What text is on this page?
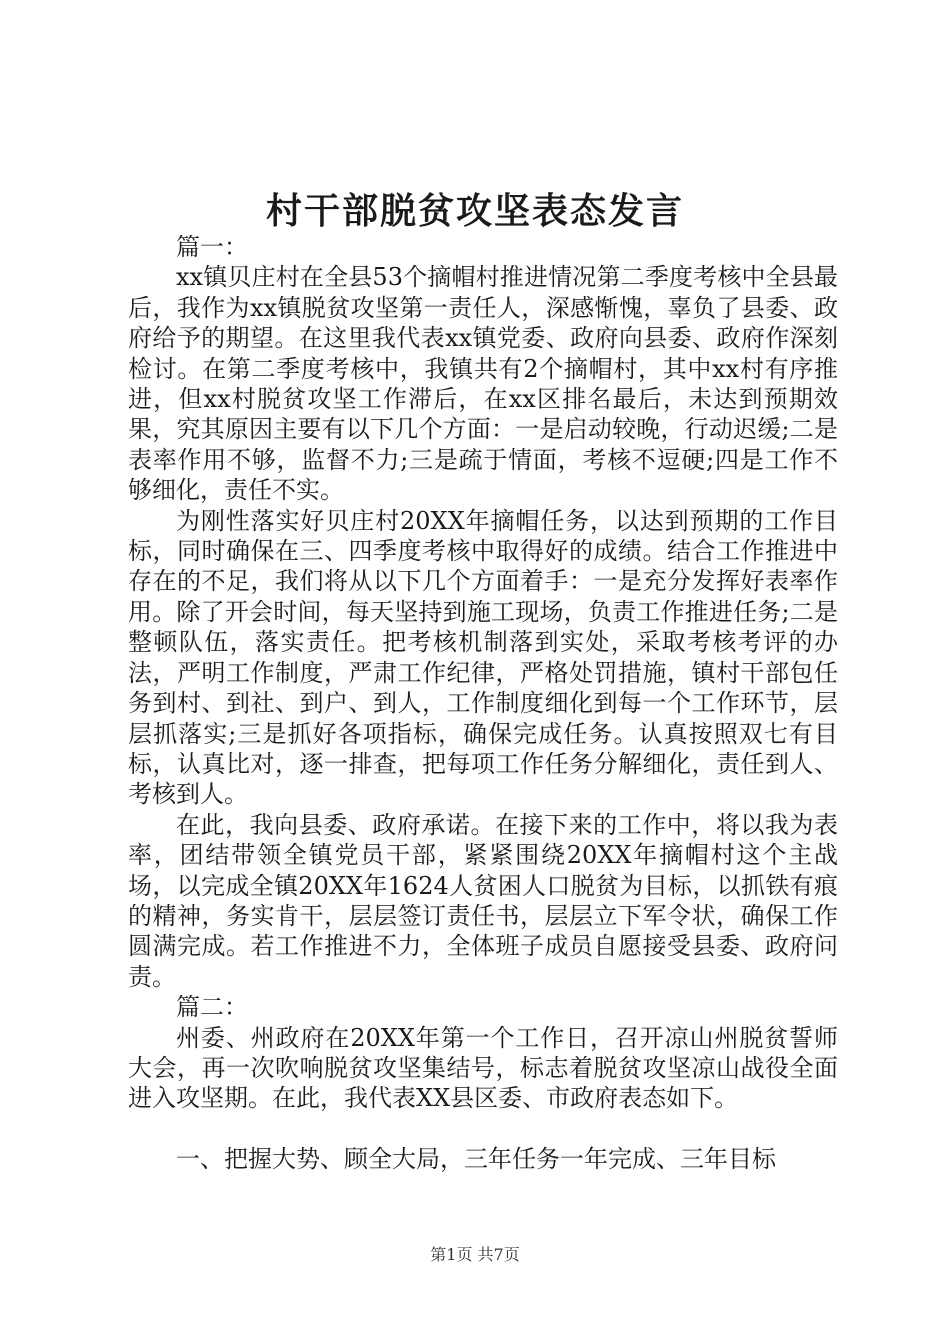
村干部脱贫攻坚表态发言

篇一：

xx镇贝庄村在全县53个摘帽村推进情况第二季度考核中全县最后，我作为xx镇脱贫攻坚第一责任人，深感惭愧，辜负了县委、政府给予的期望。在这里我代表xx镇党委、政府向县委、政府作深刻检讨。在第二季度考核中，我镇共有2个摘帽村，其中xx村有序推进，但xx村脱贫攻坚工作滞后，在xx区排名最后，未达到预期效果，究其原因主要有以下几个方面：一是启动较晚，行动迟缓;二是表率作用不够，监督不力;三是疏于情面，考核不逗硬;四是工作不够细化，责任不实。

为刚性落实好贝庄村20XX年摘帽任务，以达到预期的工作目标，同时确保在三、四季度考核中取得好的成绩。结合工作推进中存在的不足，我们将从以下几个方面着手：一是充分发挥好表率作用。除了开会时间，每天坚持到施工现场，负责工作推进任务;二是整顿队伍，落实责任。把考核机制落到实处，采取考核考评的办法，严明工作制度，严肃工作纪律，严格处罚措施，镇村干部包任务到村、到社、到户、到人，工作制度细化到每一个工作环节，层层抓落实;三是抓好各项指标，确保完成任务。认真按照双七有目标，认真比对，逐一排查，把每项工作任务分解细化，责任到人、考核到人。

在此，我向县委、政府承诺。在接下来的工作中，将以我为表率，团结带领全镇党员干部，紧紧围绕20XX年摘帽村这个主战场，以完成全镇20XX年1624人贫困人口脱贫为目标，以抓铁有痕的精神，务实肯干，层层签订责任书，层层立下军令状，确保工作圆满完成。若工作推进不力，全体班子成员自愿接受县委、政府问责。

篇二：

州委、州政府在20XX年第一个工作日，召开凉山州脱贫誓师大会，再一次吹响脱贫攻坚集结号，标志着脱贫攻坚凉山战役全面进入攻坚期。在此，我代表XX县区委、市政府表态如下。

一、把握大势、顾全大局，三年任务一年完成、三年目标

第1页 共7页
